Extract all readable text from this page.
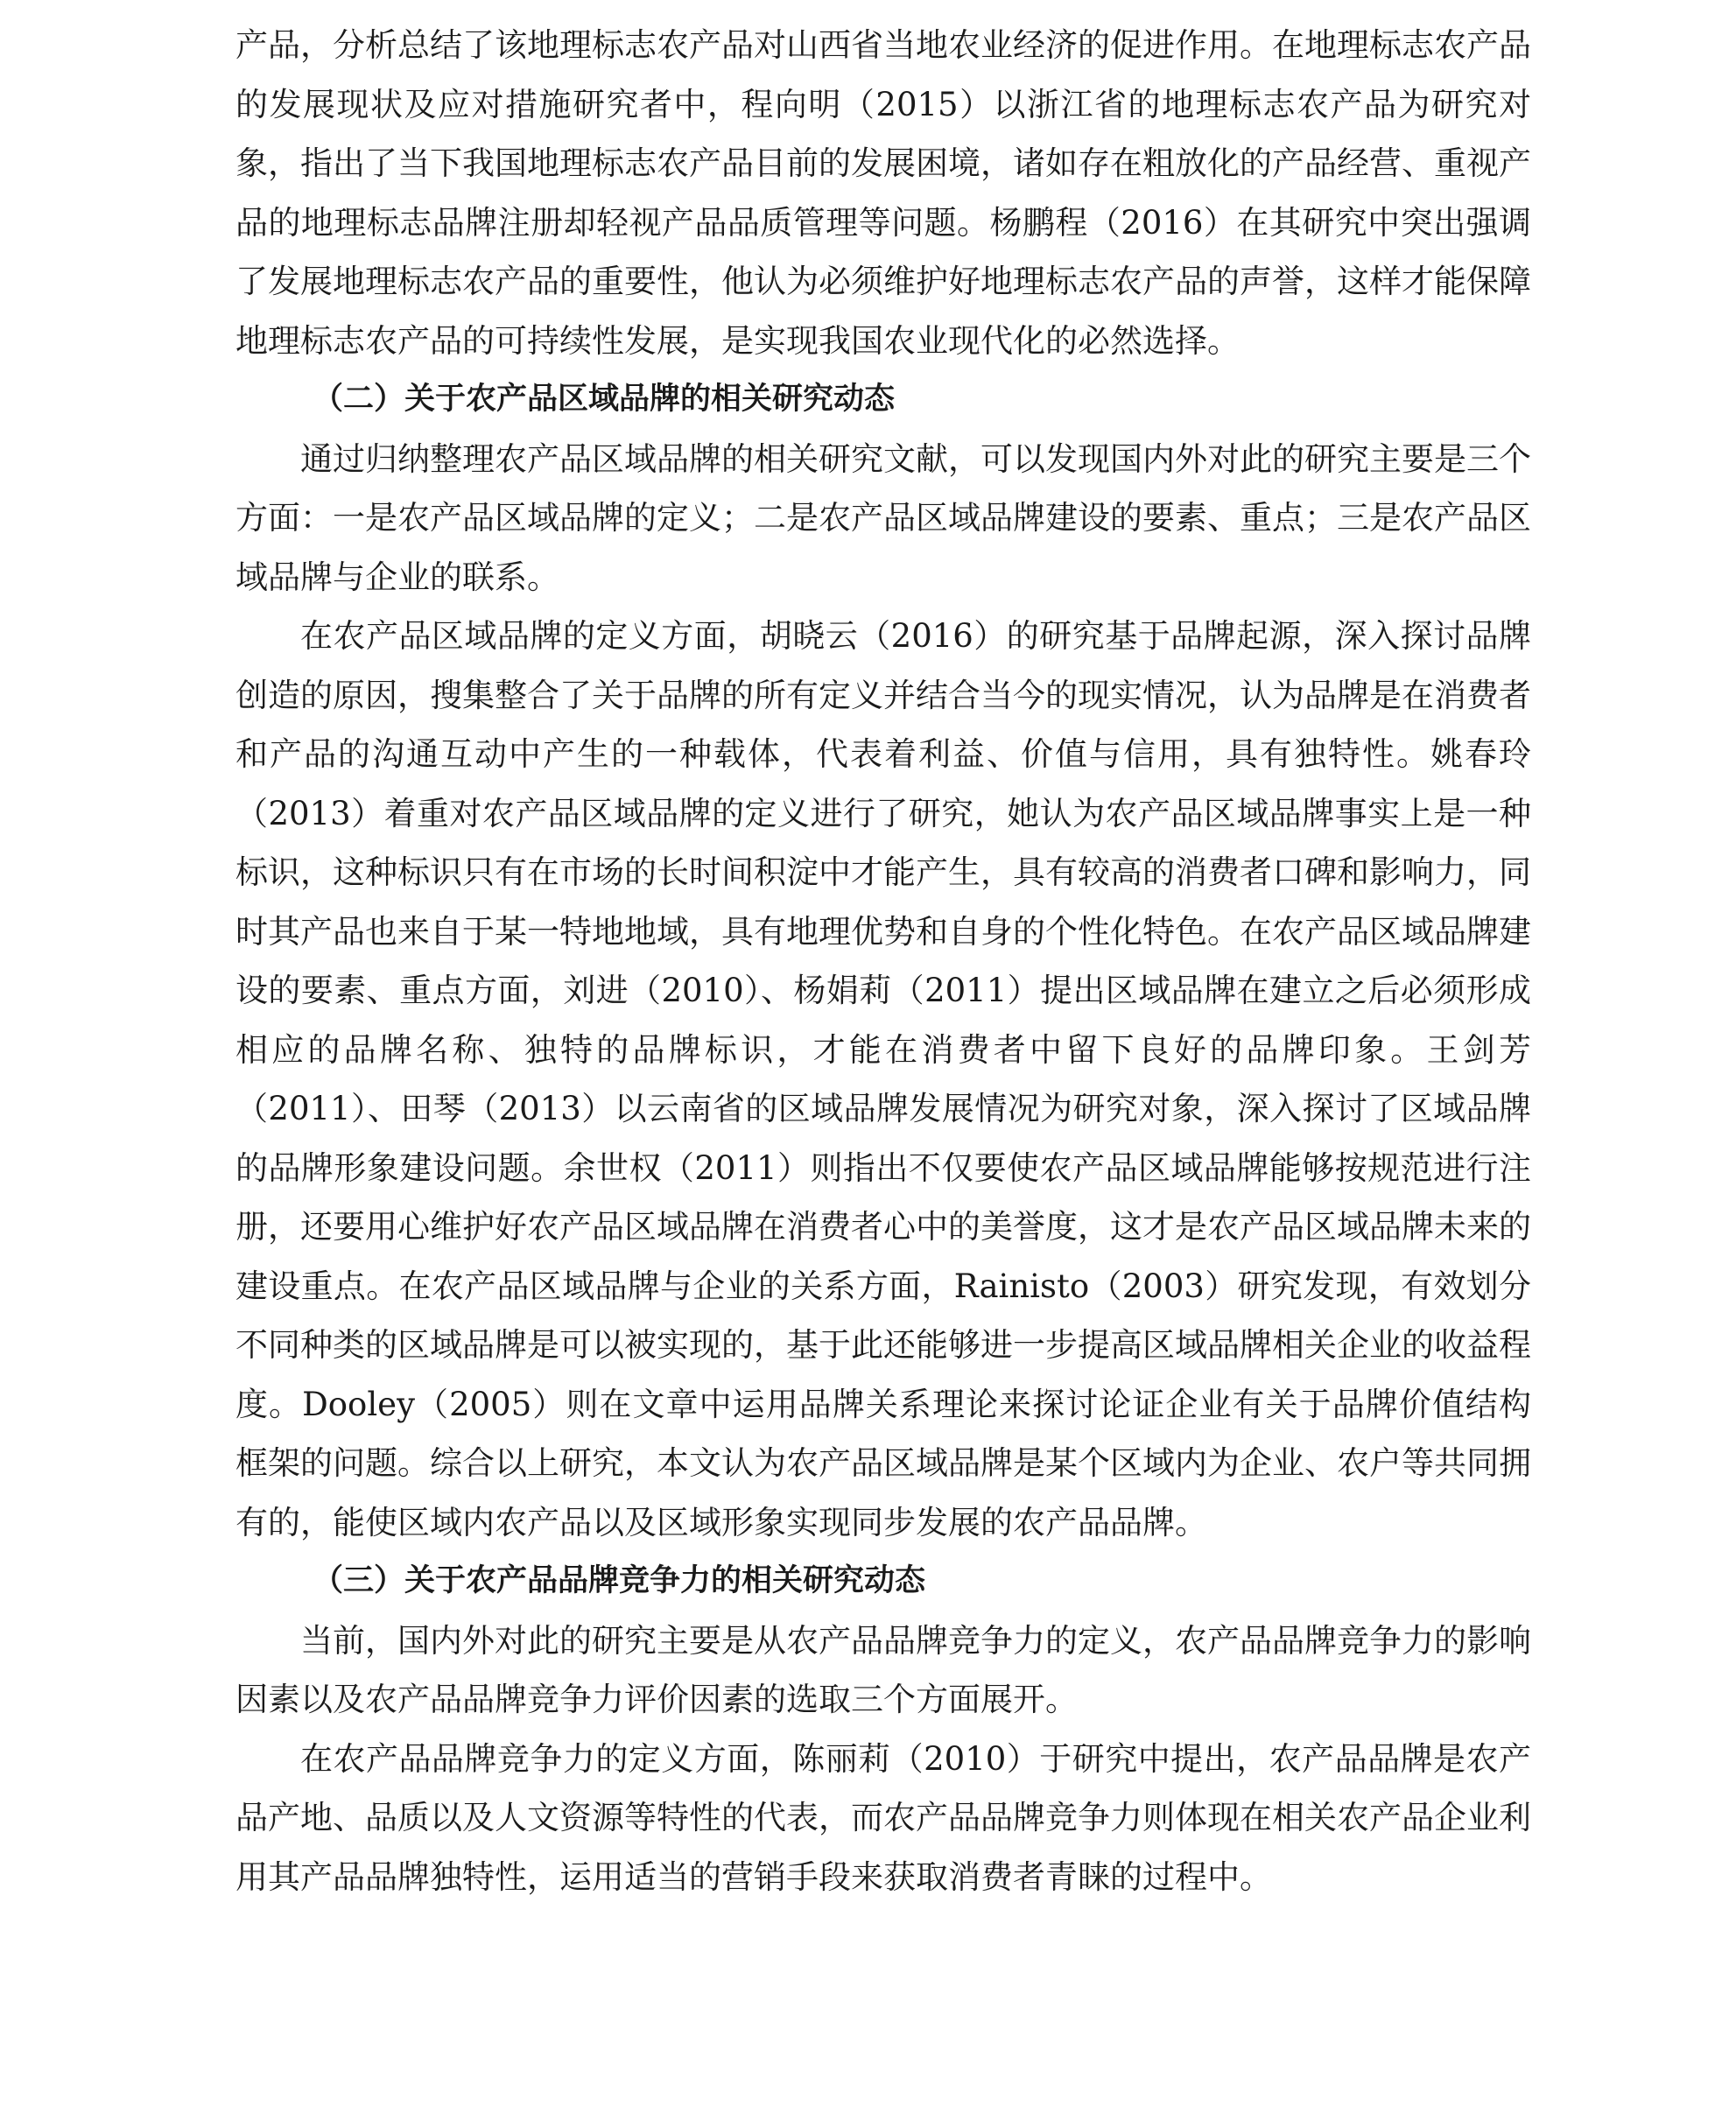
产品，分析总结了该地理标志农产品对山西省当地农业经济的促进作用。在地理标志农产品的发展现状及应对措施研究者中，程向明（2015）以浙江省的地理标志农产品为研究对象，指出了当下我国地理标志农产品目前的发展困境，诸如存在粗放化的产品经营、重视产品的地理标志品牌注册却轻视产品品质管理等问题。杨鹏程（2016）在其研究中突出强调了发展地理标志农产品的重要性，他认为必须维护好地理标志农产品的声誉，这样才能保障地理标志农产品的可持续性发展，是实现我国农业现代化的必然选择。

（二）关于农产品区域品牌的相关研究动态

通过归纳整理农产品区域品牌的相关研究文献，可以发现国内外对此的研究主要是三个方面：一是农产品区域品牌的定义；二是农产品区域品牌建设的要素、重点；三是农产品区域品牌与企业的联系。

在农产品区域品牌的定义方面，胡晓云（2016）的研究基于品牌起源，深入探讨品牌创造的原因，搜集整合了关于品牌的所有定义并结合当今的现实情况，认为品牌是在消费者和产品的沟通互动中产生的一种载体，代表着利益、价值与信用，具有独特性。姚春玲（2013）着重对农产品区域品牌的定义进行了研究，她认为农产品区域品牌事实上是一种标识，这种标识只有在市场的长时间积淀中才能产生，具有较高的消费者口碑和影响力，同时其产品也来自于某一特地地域，具有地理优势和自身的个性化特色。在农产品区域品牌建设的要素、重点方面，刘进（2010）、杨娟莉（2011）提出区域品牌在建立之后必须形成相应的品牌名称、独特的品牌标识，才能在消费者中留下良好的品牌印象。王剑芳（2011）、田琴（2013）以云南省的区域品牌发展情况为研究对象，深入探讨了区域品牌的品牌形象建设问题。余世权（2011）则指出不仅要使农产品区域品牌能够按规范进行注册，还要用心维护好农产品区域品牌在消费者心中的美誉度，这才是农产品区域品牌未来的建设重点。在农产品区域品牌与企业的关系方面，Rainisto（2003）研究发现，有效划分不同种类的区域品牌是可以被实现的，基于此还能够进一步提高区域品牌相关企业的收益程度。Dooley（2005）则在文章中运用品牌关系理论来探讨论证企业有关于品牌价值结构框架的问题。综合以上研究，本文认为农产品区域品牌是某个区域内为企业、农户等共同拥有的，能使区域内农产品以及区域形象实现同步发展的农产品品牌。

（三）关于农产品品牌竞争力的相关研究动态

当前，国内外对此的研究主要是从农产品品牌竞争力的定义，农产品品牌竞争力的影响因素以及农产品品牌竞争力评价因素的选取三个方面展开。

在农产品品牌竞争力的定义方面，陈丽莉（2010）于研究中提出，农产品品牌是农产品产地、品质以及人文资源等特性的代表，而农产品品牌竞争力则体现在相关农产品企业利用其产品品牌独特性，运用适当的营销手段来获取消费者青睐的过程中。
